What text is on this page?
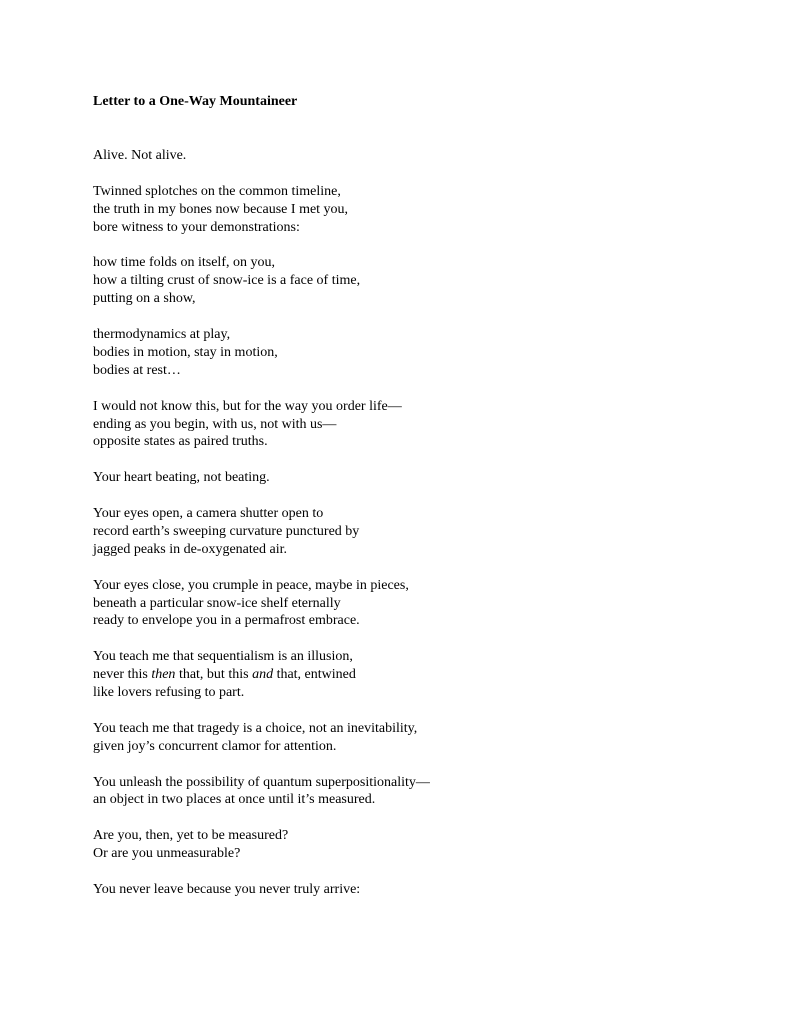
Letter to a One-Way Mountaineer
Alive. Not alive.
Twinned splotches on the common timeline,
the truth in my bones now because I met you,
bore witness to your demonstrations:
how time folds on itself, on you,
how a tilting crust of snow-ice is a face of time,
putting on a show,
thermodynamics at play,
bodies in motion, stay in motion,
bodies at rest…
I would not know this, but for the way you order life—
ending as you begin, with us, not with us—
opposite states as paired truths.
Your heart beating, not beating.
Your eyes open, a camera shutter open to
record earth’s sweeping curvature punctured by
jagged peaks in de-oxygenated air.
Your eyes close, you crumple in peace, maybe in pieces,
beneath a particular snow-ice shelf eternally
ready to envelope you in a permafrost embrace.
You teach me that sequentialism is an illusion,
never this then that, but this and that, entwined
like lovers refusing to part.
You teach me that tragedy is a choice, not an inevitability,
given joy’s concurrent clamor for attention.
You unleash the possibility of quantum superpositionality—
an object in two places at once until it’s measured.
Are you, then, yet to be measured?
Or are you unmeasurable?
You never leave because you never truly arrive:
